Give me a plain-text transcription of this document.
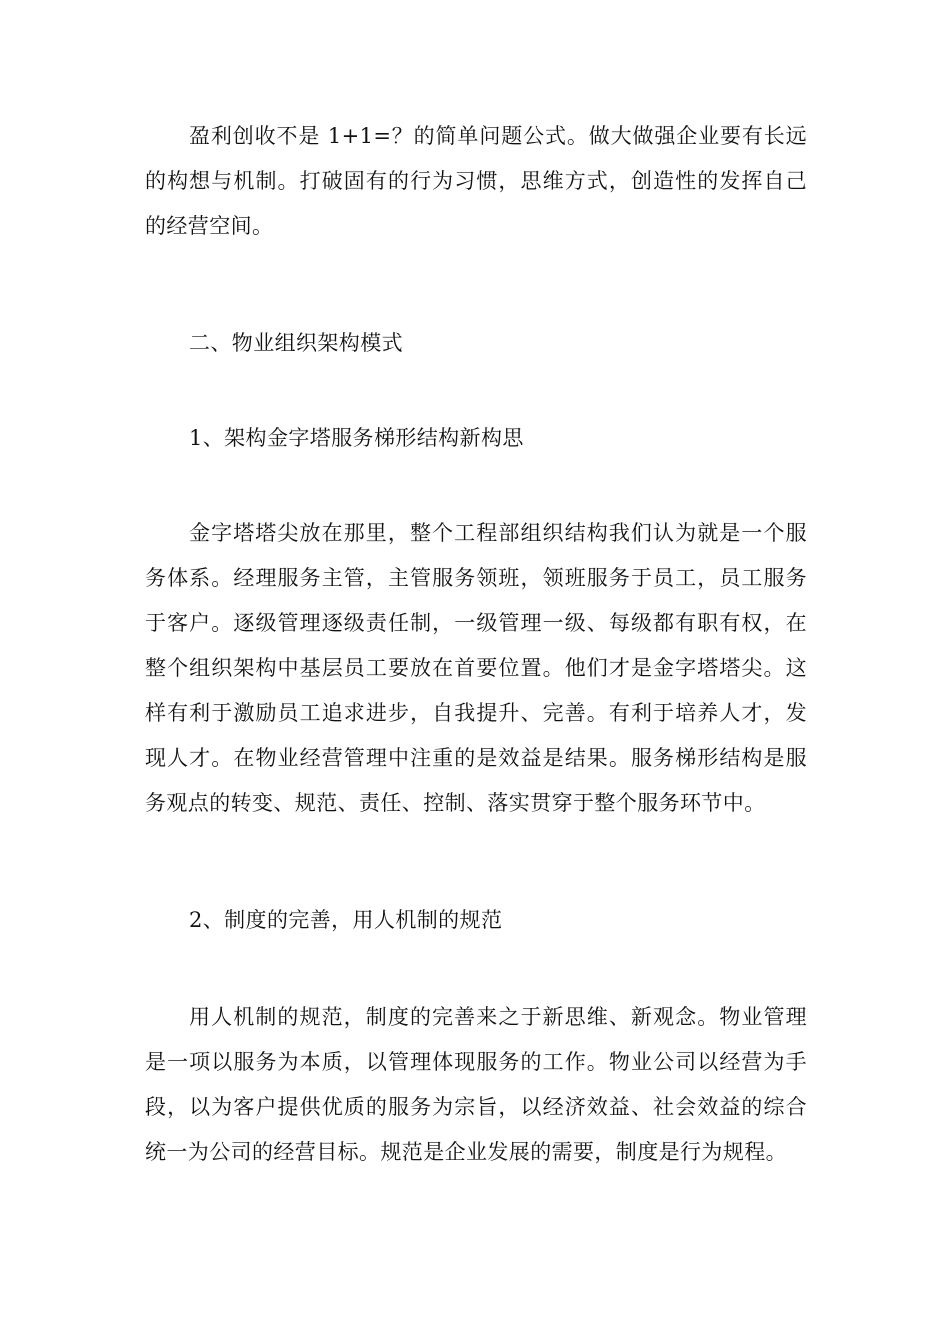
盈利创收不是 1+1=？的简单问题公式。做大做强企业要有长远的构想与机制。打破固有的行为习惯，思维方式，创造性的发挥自己的经营空间。

二、物业组织架构模式

1、架构金字塔服务梯形结构新构思

金字塔塔尖放在那里，整个工程部组织结构我们认为就是一个服务体系。经理服务主管，主管服务领班，领班服务于员工，员工服务于客户。逐级管理逐级责任制，一级管理一级、每级都有职有权，在整个组织架构中基层员工要放在首要位置。他们才是金字塔塔尖。这样有利于激励员工追求进步，自我提升、完善。有利于培养人才，发现人才。在物业经营管理中注重的是效益是结果。服务梯形结构是服务观点的转变、规范、责任、控制、落实贯穿于整个服务环节中。

2、制度的完善，用人机制的规范

用人机制的规范，制度的完善来之于新思维、新观念。物业管理是一项以服务为本质，以管理体现服务的工作。物业公司以经营为手段，以为客户提供优质的服务为宗旨，以经济效益、社会效益的综合统一为公司的经营目标。规范是企业发展的需要，制度是行为规程。
